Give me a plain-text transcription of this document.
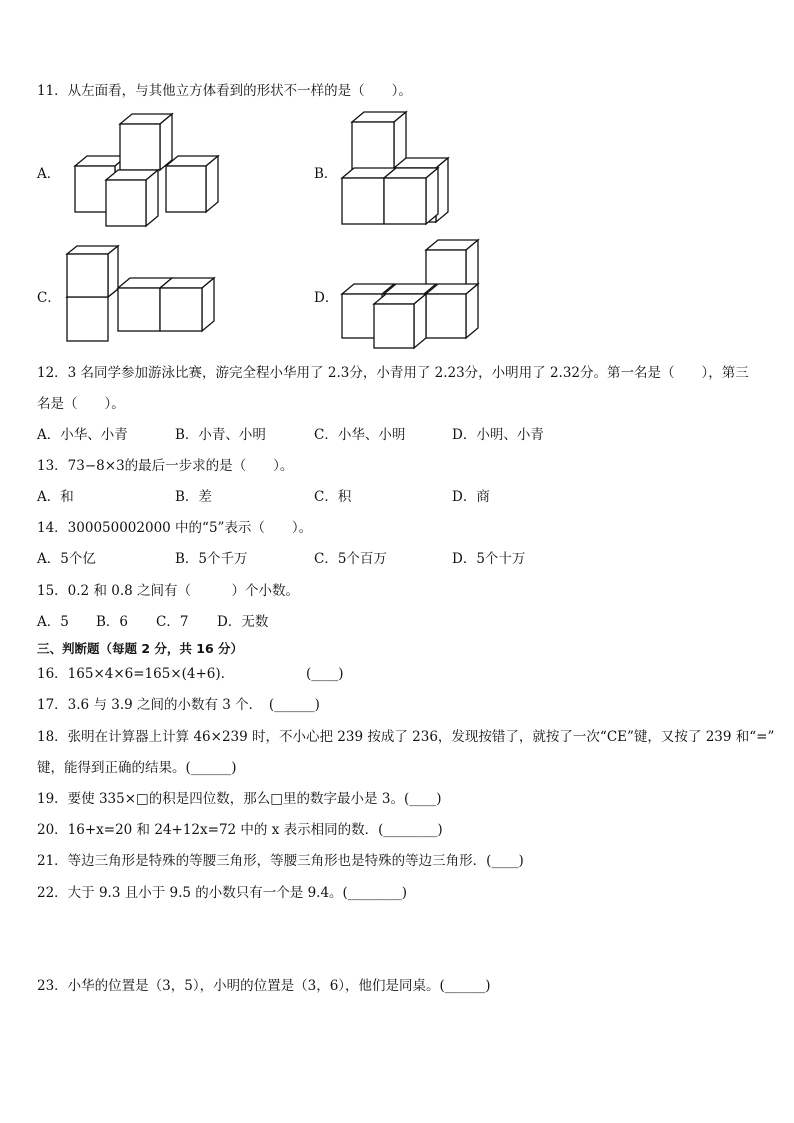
11．从左面看，与其他立方体看到的形状不一样的是（　　）。
A．	B．
C．	D．
12．3 名同学参加游泳比赛，游完全程小华用了 2.3分，小青用了 2.23分，小明用了 2.32分。第一名是（　　），第三
名是（　　）。
A．小华、小青	B．小青、小明	C．小华、小明	D．小明、小青
13．73−8×3的最后一步求的是（　　）。
A．和	B．差	C．积	D．商
14．300050002000 中的“5”表示（　　）。
A．5个亿	B．5个千万	C．5个百万	D．5个十万
15．0.2 和 0.8 之间有（　　　）个小数。
A．5 B．6 C．7 D．无数
三、判断题（每题 2 分，共 16 分）
16．165×4×6=165×(4+6).　　　　　　(____)
17．3.6 与 3.9 之间的小数有 3 个．　(______)
18．张明在计算器上计算 46×239 时，不小心把 239 按成了 236，发现按错了，就按了一次“CE”键，又按了 239 和“=”
键，能得到正确的结果。(______)
19．要使 335×□的积是四位数，那么□里的数字最小是 3。(____)
20．16+x=20 和 24+12x=72 中的 x 表示相同的数．(________)
21．等边三角形是特殊的等腰三角形，等腰三角形也是特殊的等边三角形．(____)
22．大于 9.3 且小于 9.5 的小数只有一个是 9.4。(________)
23．小华的位置是（3，5），小明的位置是（3，6），他们是同桌。(______)
